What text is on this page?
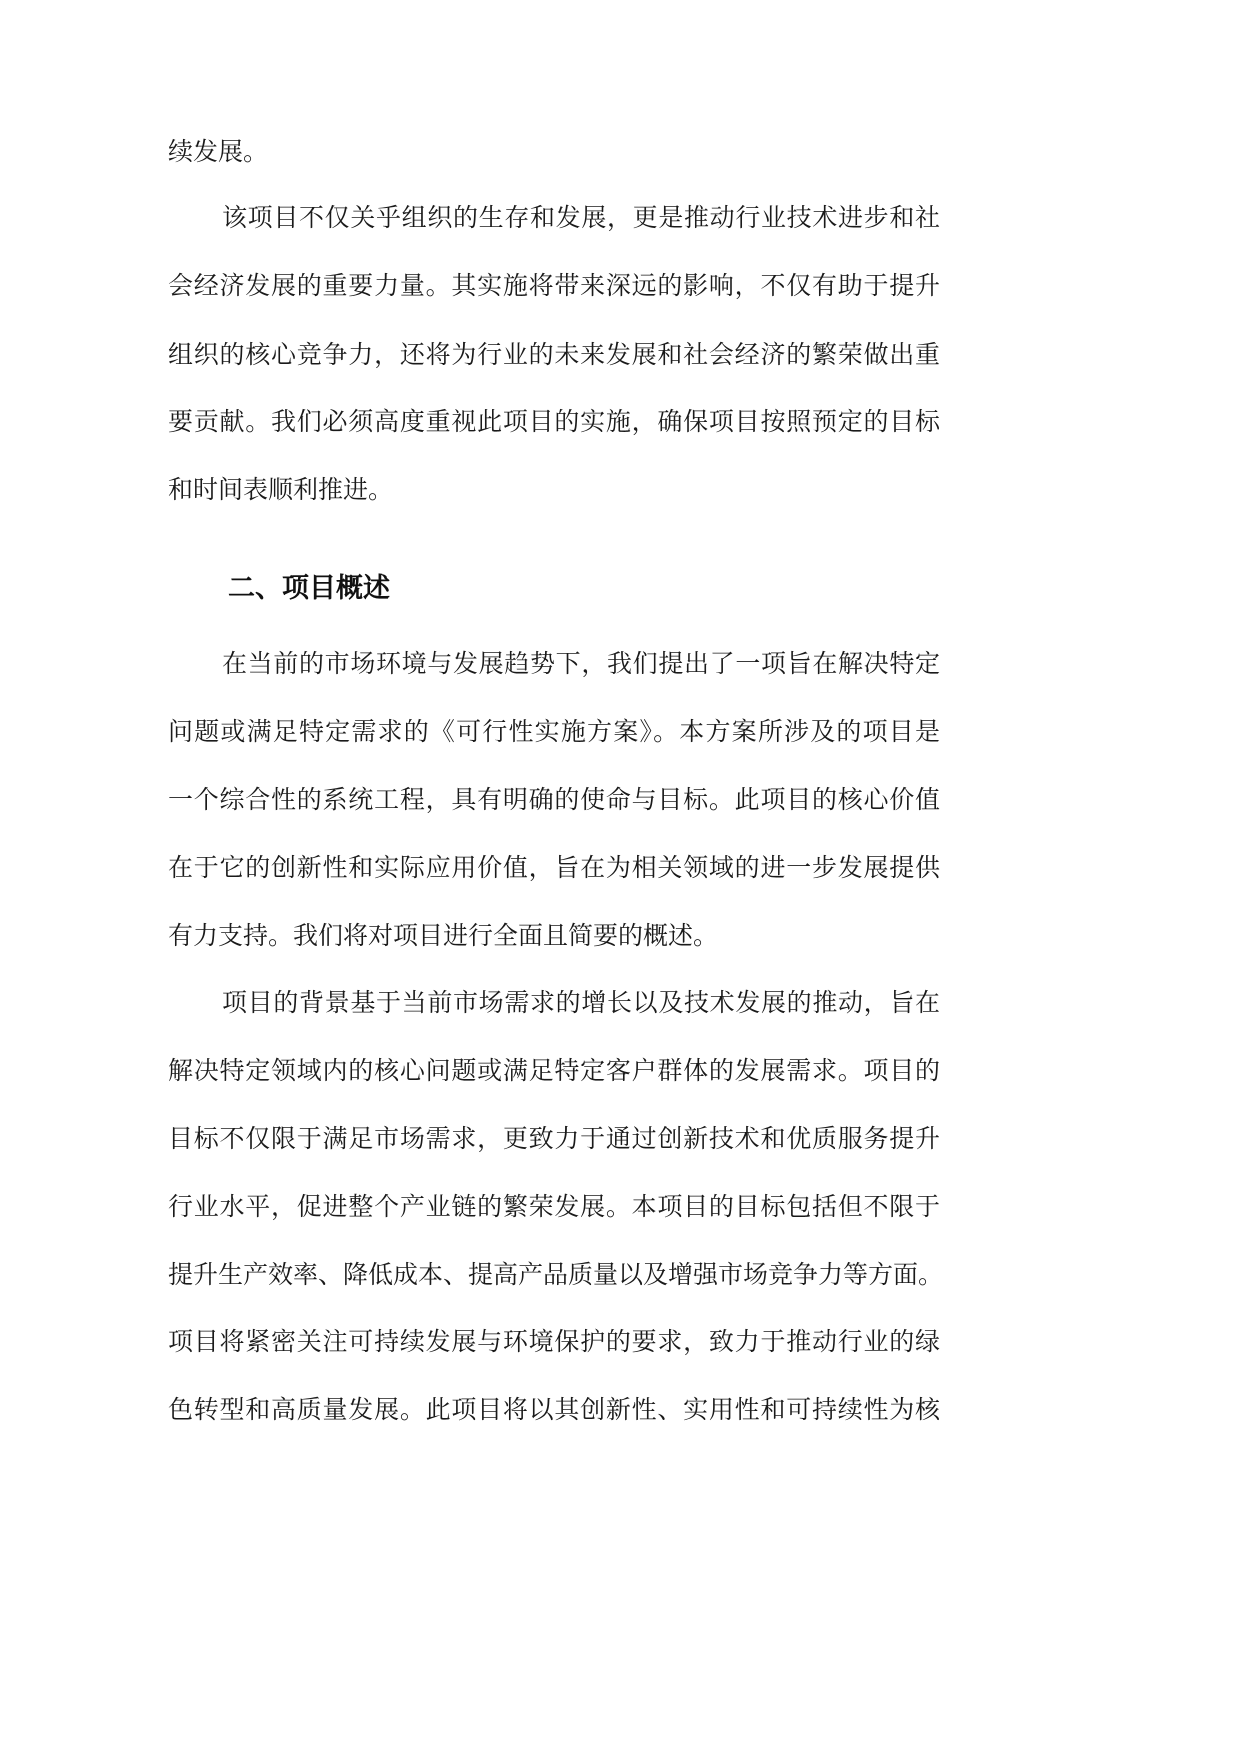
续发展。
该项目不仅关乎组织的生存和发展，更是推动行业技术进步和社
会经济发展的重要力量。其实施将带来深远的影响，不仅有助于提升
组织的核心竞争力，还将为行业的未来发展和社会经济的繁荣做出重
要贡献。我们必须高度重视此项目的实施，确保项目按照预定的目标
和时间表顺利推进。
二、项目概述
在当前的市场环境与发展趋势下，我们提出了一项旨在解决特定
问题或满足特定需求的《可行性实施方案》。本方案所涉及的项目是
一个综合性的系统工程，具有明确的使命与目标。此项目的核心价值
在于它的创新性和实际应用价值，旨在为相关领域的进一步发展提供
有力支持。我们将对项目进行全面且简要的概述。
项目的背景基于当前市场需求的增长以及技术发展的推动，旨在
解决特定领域内的核心问题或满足特定客户群体的发展需求。项目的
目标不仅限于满足市场需求，更致力于通过创新技术和优质服务提升
行业水平，促进整个产业链的繁荣发展。本项目的目标包括但不限于
提升生产效率、降低成本、提高产品质量以及增强市场竞争力等方面。
项目将紧密关注可持续发展与环境保护的要求，致力于推动行业的绿
色转型和高质量发展。此项目将以其创新性、实用性和可持续性为核
